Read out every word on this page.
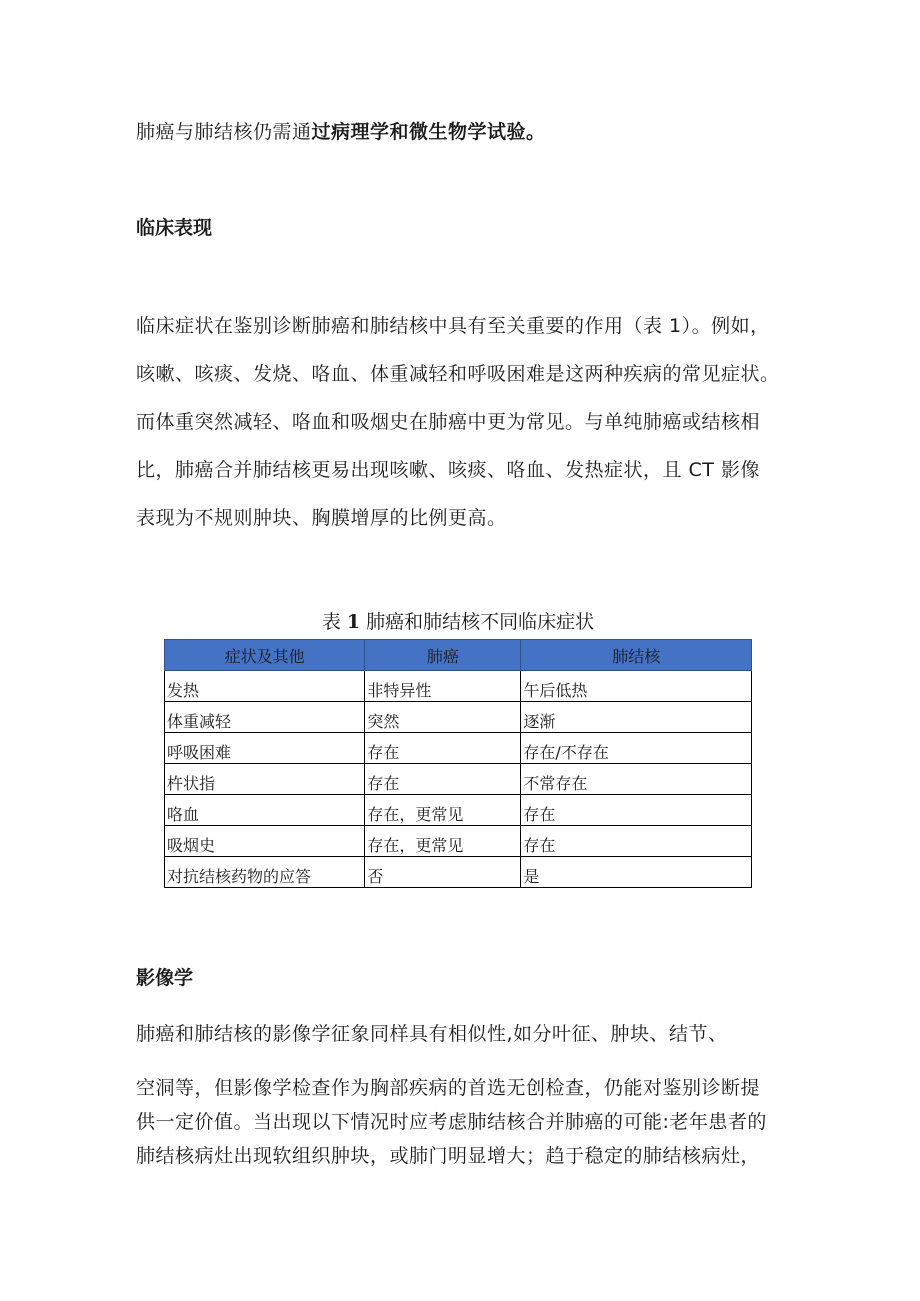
肺癌与肺结核仍需通过病理学和微生物学试验。
临床表现
临床症状在鉴别诊断肺癌和肺结核中具有至关重要的作用（表 1）。例如，
咳嗽、咳痰、发烧、咯血、体重减轻和呼吸困难是这两种疾病的常见症状。
而体重突然减轻、咯血和吸烟史在肺癌中更为常见。与单纯肺癌或结核相
比，肺癌合并肺结核更易出现咳嗽、咳痰、咯血、发热症状，且 CT 影像
表现为不规则肿块、胸膜增厚的比例更高。
表 1 肺癌和肺结核不同临床症状
症状及其他	肺癌	肺结核
发热	非特异性	午后低热
体重减轻	突然	逐渐
呼吸困难	存在	存在/不存在
杵状指	存在	不常存在
咯血	存在，更常见	存在
吸烟史	存在，更常见	存在
对抗结核药物的应答	否	是
影像学
肺癌和肺结核的影像学征象同样具有相似性,如分叶征、肿块、结节、
空洞等，但影像学检查作为胸部疾病的首选无创检查，仍能对鉴别诊断提
供一定价值。当出现以下情况时应考虑肺结核合并肺癌的可能:老年患者的
肺结核病灶出现软组织肿块，或肺门明显增大；趋于稳定的肺结核病灶，
